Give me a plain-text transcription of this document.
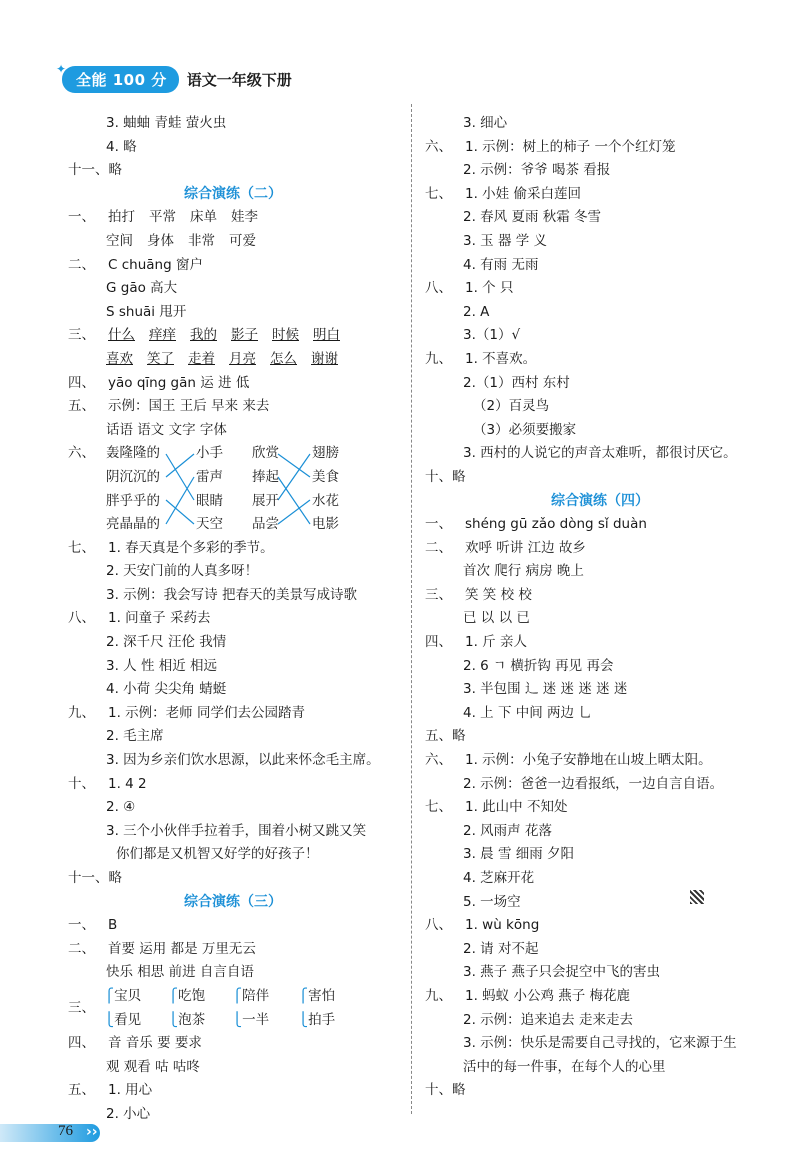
✦
全能 100 分	语文一年级下册
3. 蚰蚰 青蛙 萤火虫
4. 略
十一、略
综合演练（二）
一、 拍打 平常 床单 娃李
空间 身体 非常 可爱
二、 C chuāng 窗户
G gāo 高大
S shuāi 甩开
三、 什么 痒痒 我的 影子 时候 明白
喜欢 笑了 走着 月亮 怎么 谢谢
四、 yāo qīng gān 运 进 低
五、 示例：国王 王后 早来 来去
话语 语文 文字 字体
六、 轰隆隆的
阴沉沉的
胖乎乎的
亮晶晶的
小手
雷声
眼睛
天空
欣赏
捧起
展开
品尝
翅膀
美食
水花
电影
七、 1. 春天真是个多彩的季节。
2. 天安门前的人真多呀！
3. 示例：我会写诗 把春天的美景写成诗歌
八、 1. 问童子 采药去
2. 深千尺 汪伦 我情
3. 人 性 相近 相远
4. 小荷 尖尖角 蜻蜓
九、 1. 示例：老师 同学们去公园踏青
2. 毛主席
3. 因为乡亲们饮水思源，以此来怀念毛主席。
十、 1. 4 2
2. ④
3. 三个小伙伴手拉着手，围着小树又跳又笑
你们都是又机智又好学的好孩子！
十一、略
综合演练（三）
一、 B
二、 首要 运用 都是 万里无云
快乐 相思 前进 自言自语
三、
⎧宝贝
⎩看见
⎧吃饱
⎩泡茶
⎧陪伴
⎩一半
⎧害怕
⎩拍手
四、 音 音乐 要 要求
观 观看 咕 咕咚
五、 1. 用心
2. 小心
3. 细心
六、 1. 示例：树上的柿子 一个个红灯笼
2. 示例：爷爷 喝茶 看报
七、 1. 小娃 偷采白莲回
2. 春风 夏雨 秋霜 冬雪
3. 玉 器 学 义
4. 有雨 无雨
八、 1. 个 只
2. A
3.（1）√
九、 1. 不喜欢。
2.（1）西村 东村
（2）百灵鸟
（3）必须要搬家
3. 西村的人说它的声音太难听，都很讨厌它。
十、略
综合演练（四）
一、 shéng gū zǎo dòng sǐ duàn
二、 欢呼 听讲 江边 故乡
首次 爬行 病房 晚上
三、 笑 笑 校 校
已 以 以 已
四、 1. 斤 亲人
2. 6 ㄱ 横折钩 再见 再会
3. 半包围 辶 迷 迷 迷 迷 迷
4. 上 下 中间 两边 乚
五、略
六、 1. 示例：小兔子安静地在山坡上晒太阳。
2. 示例：爸爸一边看报纸，一边自言自语。
七、 1. 此山中 不知处
2. 风雨声 花落
3. 晨 雪 细雨 夕阳
4. 芝麻开花
5. 一场空
八、 1. wù kōng
2. 请 对不起
3. 燕子 燕子只会捉空中飞的害虫
九、 1. 蚂蚁 小公鸡 燕子 梅花鹿
2. 示例：追来追去 走来走去
3. 示例：快乐是需要自己寻找的，它来源于生
活中的每一件事，在每个人的心里
十、略
76 ››
